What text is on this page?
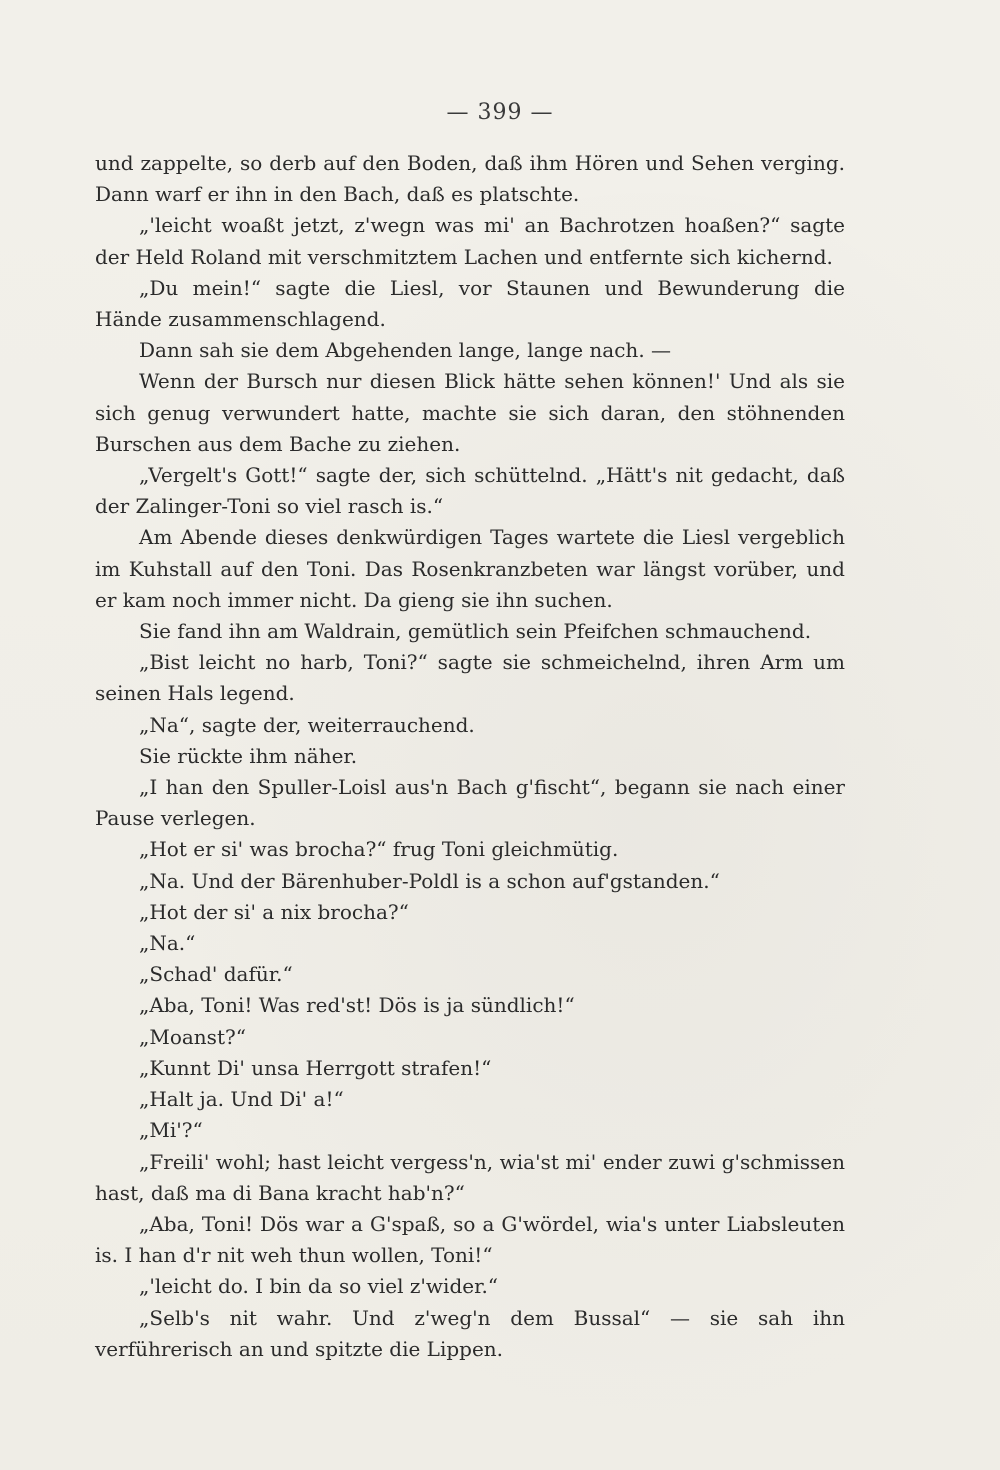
— 399 —

und zappelte, so derb auf den Boden, daß ihm Hören und Sehen verging. Dann warf er ihn in den Bach, daß es platschte.

„'leicht woaßt jetzt, z'wegn was mi' an Bachrotzen hoaßen?“ sagte der Held Roland mit verschmitztem Lachen und entfernte sich kichernd.

„Du mein!“ sagte die Liesl, vor Staunen und Bewunderung die Hände zusammenschlagend.

Dann sah sie dem Abgehenden lange, lange nach. —

Wenn der Bursch nur diesen Blick hätte sehen können!' Und als sie sich genug verwundert hatte, machte sie sich daran, den stöhnenden Burschen aus dem Bache zu ziehen.

„Vergelt's Gott!“ sagte der, sich schüttelnd. „Hätt's nit gedacht, daß der Zalinger-Toni so viel rasch is.“

Am Abende dieses denkwürdigen Tages wartete die Liesl vergeblich im Kuhstall auf den Toni. Das Rosenkranzbeten war längst vorüber, und er kam noch immer nicht. Da gieng sie ihn suchen.

Sie fand ihn am Waldrain, gemütlich sein Pfeifchen schmauchend.

„Bist leicht no harb, Toni?“ sagte sie schmeichelnd, ihren Arm um seinen Hals legend.

„Na“, sagte der, weiterrauchend.

Sie rückte ihm näher.

„I han den Spuller-Loisl aus'n Bach g'fischt“, begann sie nach einer Pause verlegen.

„Hot er si' was brocha?“ frug Toni gleichmütig.

„Na. Und der Bärenhuber-Poldl is a schon auf'gstanden.“

„Hot der si' a nix brocha?“

„Na.“

„Schad' dafür.“

„Aba, Toni! Was red'st! Dös is ja sündlich!“

„Moanst?“

„Kunnt Di' unsa Herrgott strafen!“

„Halt ja. Und Di' a!“

„Mi'?“

„Freili' wohl; hast leicht vergess'n, wia'st mi' ender zuwi g'schmissen hast, daß ma di Bana kracht hab'n?“

„Aba, Toni! Dös war a G'spaß, so a G'wördel, wia's unter Liabsleuten is. I han d'r nit weh thun wollen, Toni!“

„'leicht do. I bin da so viel z'wider.“

„Selb's nit wahr. Und z'weg'n dem Bussal“ — sie sah ihn verführerisch an und spitzte die Lippen.
